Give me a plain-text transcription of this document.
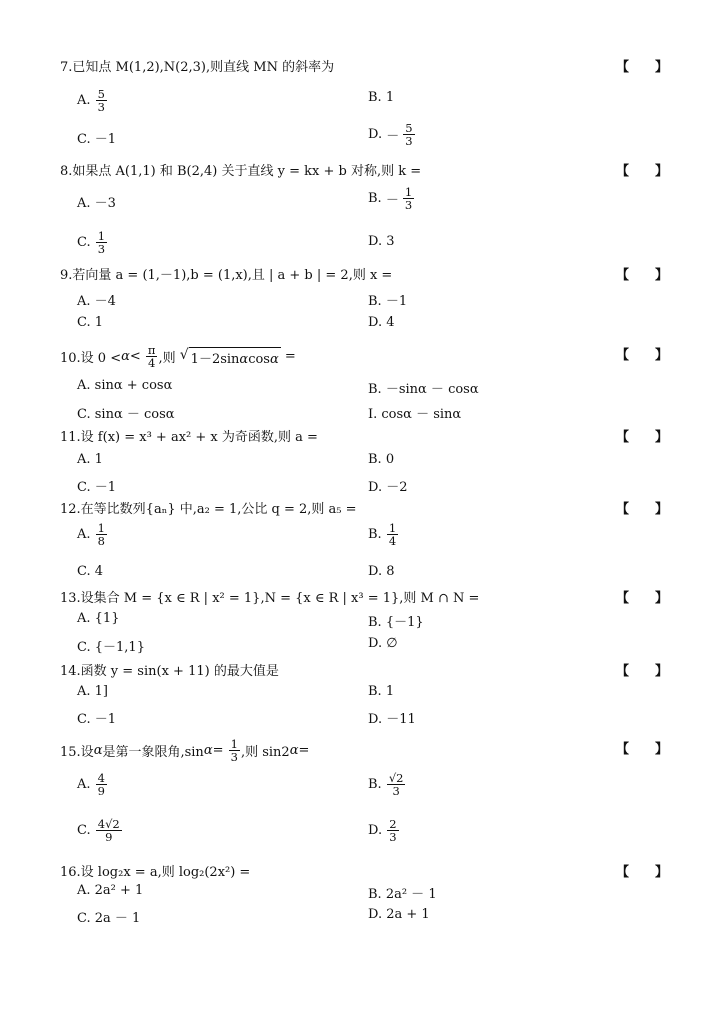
7.已知点 M(1,2),N(2,3),则直线 MN 的斜率为	【　　】
A. $\frac{5}{3}$	B. 1
C. －1	D. － $\frac{5}{3}$
8.如果点 A(1,1) 和 B(2,4) 关于直线 y = kx + b 对称,则 k =	【　　】
A. －3	B. － $\frac{1}{3}$
C. $\frac{1}{3}$	D. 3
9.若向量 a = (1,－1),b = (1,x),且 | a + b | = 2,则 x =	【　　】
A. －4	B. －1
C. 1	D. 4
10.设 $0 < \alpha < \frac{\pi}{4}$ ,则 √ 1－2sinαcosα =	【　　】
A. sinα + cosα	B. －sinα － cosα
C. sinα － cosα	Ι. cosα － sinα
11.设 f(x) = x³ + ax² + x 为奇函数,则 a =	【　　】
A. 1	B. 0
C. －1	D. －2
12.在等比数列{aₙ} 中,a₂ = 1,公比 q = 2,则 a₅ =	【　　】
A. $\frac{1}{8}$	B. $\frac{1}{4}$
C. 4	D. 8
13.设集合 M = {x ∈ R | x² = 1},N = {x ∈ R | x³ = 1},则 M ∩ N =	【　　】
A. {1}	B. {－1}
C. {－1,1}	D. ∅
14.函数 y = sin(x + 11) 的最大值是	【　　】
A. 1]	B. 1
C. －1	D. －11
15.设 α 是第一象限角,sin $\alpha = \frac{1}{3}$ ,则 sin2 α =	【　　】
A. $\frac{4}{9}$	B. $\frac{√2}{3}$
C. $\frac{4√2}{9}$	D. $\frac{2}{3}$
16.设 log₂x = a,则 log₂(2x²) =	【　　】
A. 2a² + 1	B. 2a² － 1
C. 2a － 1	D. 2a + 1
